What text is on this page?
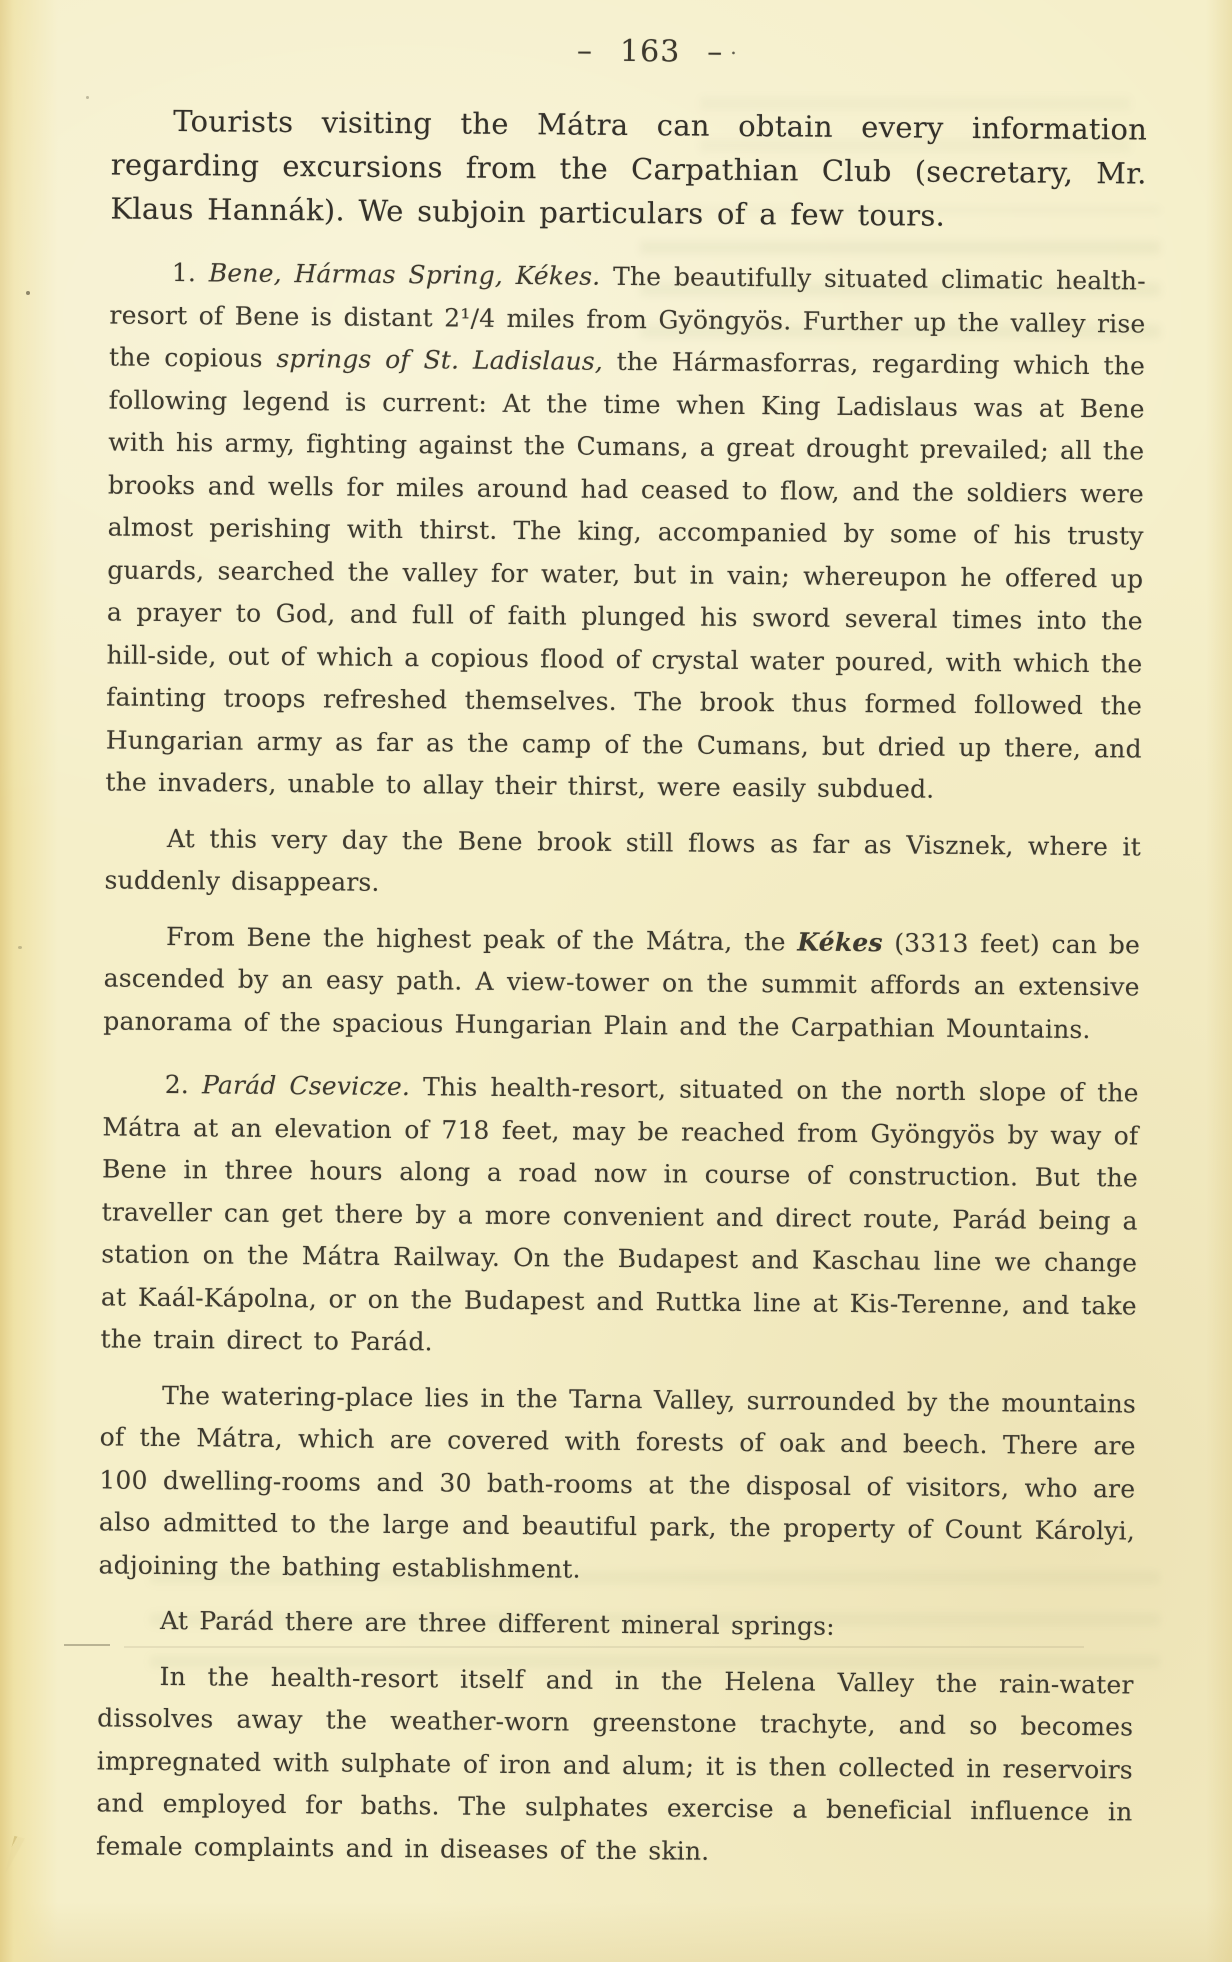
– 163 – ·

Tourists visiting the Mátra can obtain every information regarding excursions from the Carpathian Club (secretary, Mr. Klaus Hannák). We subjoin particulars of a few tours.

1. Bene, Hármas Spring, Kékes. The beautifully situated climatic health-resort of Bene is distant 2¹/4 miles from Gyöngyös. Further up the valley rise the copious springs of St. Ladislaus, the Hármasforras, regarding which the following legend is current: At the time when King Ladislaus was at Bene with his army, fighting against the Cumans, a great drought prevailed; all the brooks and wells for miles around had ceased to flow, and the soldiers were almost perishing with thirst. The king, accompanied by some of his trusty guards, searched the valley for water, but in vain; whereupon he offered up a prayer to God, and full of faith plunged his sword several times into the hill-side, out of which a copious flood of crystal water poured, with which the fainting troops refreshed themselves. The brook thus formed followed the Hungarian army as far as the camp of the Cumans, but dried up there, and the invaders, unable to allay their thirst, were easily subdued.

At this very day the Bene brook still flows as far as Visznek, where it suddenly disappears.

From Bene the highest peak of the Mátra, the Kékes (3313 feet) can be ascended by an easy path. A view-tower on the summit affords an extensive panorama of the spacious Hungarian Plain and the Carpathian Mountains.

2. Parád Csevicze. This health-resort, situated on the north slope of the Mátra at an elevation of 718 feet, may be reached from Gyöngyös by way of Bene in three hours along a road now in course of construction. But the traveller can get there by a more convenient and direct route, Parád being a station on the Mátra Railway. On the Budapest and Kaschau line we change at Kaál-Kápolna, or on the Budapest and Ruttka line at Kis-Terenne, and take the train direct to Parád.

The watering-place lies in the Tarna Valley, surrounded by the mountains of the Mátra, which are covered with forests of oak and beech. There are 100 dwelling-rooms and 30 bath-rooms at the disposal of visitors, who are also admitted to the large and beautiful park, the property of Count Károlyi, adjoining the bathing establishment.

At Parád there are three different mineral springs:

In the health-resort itself and in the Helena Valley the rain-water dissolves away the weather-worn greenstone trachyte, and so becomes impregnated with sulphate of iron and alum; it is then collected in reservoirs and employed for baths. The sulphates exercise a beneficial influence in female complaints and in diseases of the skin.
